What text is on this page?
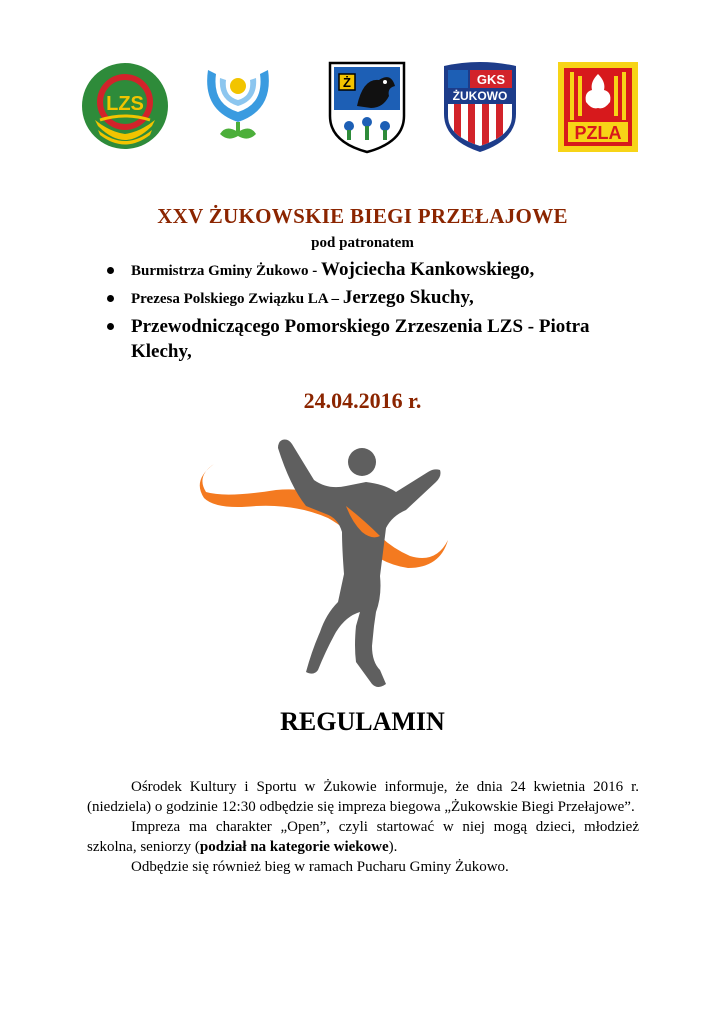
LZS
Ż	GKS
ŻUKOWO
PZLA
XXV ŻUKOWSKIE BIEGI PRZEŁAJOWE
pod patronatem
Burmistrza Gminy Żukowo - Wojciecha Kankowskiego,
Prezesa Polskiego Związku LA – Jerzego Skuchy,
Przewodniczącego Pomorskiego Zrzeszenia LZS - Piotra Klechy,
24.04.2016 r.
REGULAMIN

Ośrodek Kultury i Sportu w Żukowie informuje, że dnia 24 kwietnia 2016 r. (niedziela) o godzinie 12:30 odbędzie się impreza biegowa „Żukowskie Biegi Przełajowe”.

Impreza ma charakter „Open”, czyli startować w niej mogą dzieci, młodzież szkolna, seniorzy (podział na kategorie wiekowe).

Odbędzie się również bieg w ramach Pucharu Gminy Żukowo.
